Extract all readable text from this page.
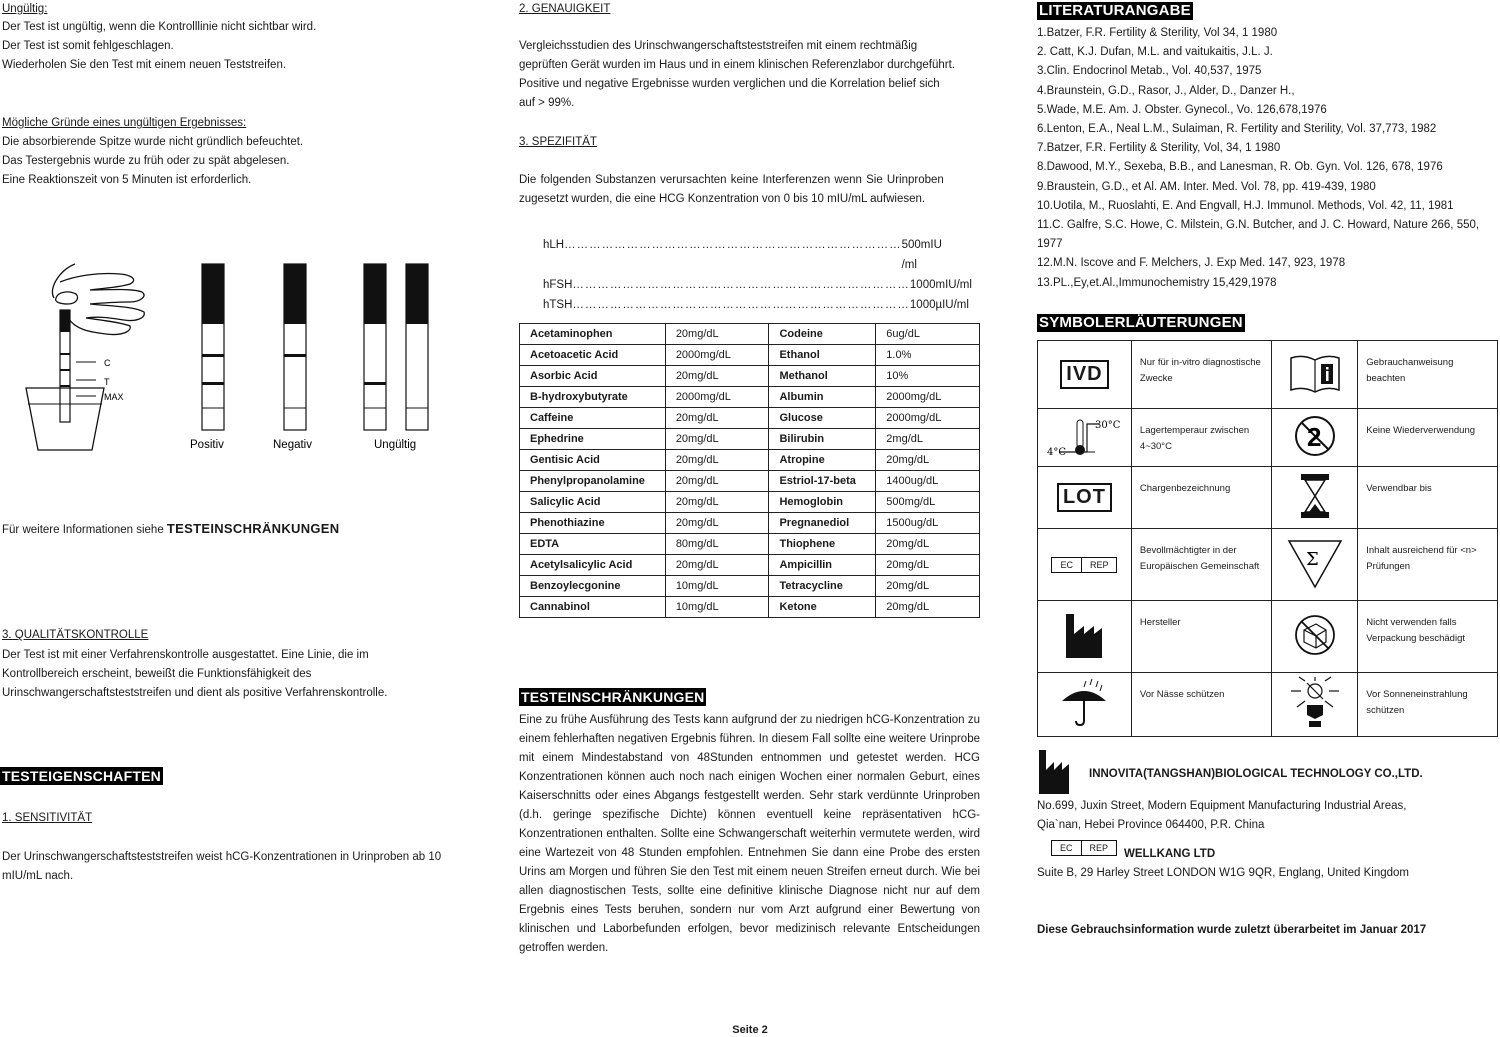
Ungültig:

Der Test ist ungültig, wenn die Kontrolllinie nicht sichtbar wird.

Der Test ist somit fehlgeschlagen.

Wiederholen Sie den Test mit einem neuen Teststreifen.

Mögliche Gründe eines ungültigen Ergebnisses:

Die absorbierende Spitze wurde nicht gründlich befeuchtet.

Das Testergebnis wurde zu früh oder zu spät abgelesen.

Eine Reaktionszeit von 5 Minuten ist erforderlich.

C
T
MAX
Positiv	Negativ	Ungültig

Für weitere Informationen siehe TESTEINSCHRÄNKUNGEN

3. QUALITÄTSKONTROLLE

Der Test ist mit einer Verfahrenskontrolle ausgestattet. Eine Linie, die im

Kontrollbereich erscheint, beweißt die Funktionsfähigkeit des

Urinschwangerschaftsteststreifen und dient als positive Verfahrenskontrolle.

TESTEIGENSCHAFTEN

1. SENSITIVITÄT

Der Urinschwangerschaftsteststreifen weist hCG-Konzentrationen in Urinproben ab 10

mIU/mL nach.

2. GENAUIGKEIT

Vergleichsstudien des Urinschwangerschaftsteststreifen mit einem rechtmäßig

geprüften Gerät wurden im Haus und in einem klinischen Referenzlabor durchgeführt.

Positive und negative Ergebnisse wurden verglichen und die Korrelation belief sich

auf > 99%.

3. SPEZIFITÄT

Die folgenden Substanzen verursachten keine Interferenzen wenn Sie Urinproben

zugesetzt wurden, die eine HCG Konzentration von 0 bis 10 mIU/mL aufwiesen.

hLH ……………………………………………………………………… 500mIU /ml
hFSH ……………………………………………………………………… 1000mIU/ml
hTSH ……………………………………………………………………… 1000µIU/ml
Acetaminophen	20mg/dL	Codeine	6ug/dL
Acetoacetic Acid	2000mg/dL	Ethanol	1.0%
Asorbic Acid	20mg/dL	Methanol	10%
B-hydroxybutyrate	2000mg/dL	Albumin	2000mg/dL
Caffeine	20mg/dL	Glucose	2000mg/dL
Ephedrine	20mg/dL	Bilirubin	2mg/dL
Gentisic Acid	20mg/dL	Atropine	20mg/dL
Phenylpropanolamine	20mg/dL	Estriol-17-beta	1400ug/dL
Salicylic Acid	20mg/dL	Hemoglobin	500mg/dL
Phenothiazine	20mg/dL	Pregnanediol	1500ug/dL
EDTA	80mg/dL	Thiophene	20mg/dL
Acetylsalicylic Acid	20mg/dL	Ampicillin	20mg/dL
Benzoylecgonine	10mg/dL	Tetracycline	20mg/dL
Cannabinol	10mg/dL	Ketone	20mg/dL
TESTEINSCHRÄNKUNGEN

Eine zu frühe Ausführung des Tests kann aufgrund der zu niedrigen hCG-Konzentration zu einem fehlerhaften negativen Ergebnis führen. In diesem Fall sollte eine weitere Urinprobe mit einem Mindestabstand von 48Stunden entnommen und getestet werden. HCG Konzentrationen können auch noch nach einigen Wochen einer normalen Geburt, eines Kaiserschnitts oder eines Abgangs festgestellt werden. Sehr stark verdünnte Urinproben (d.h. geringe spezifische Dichte) können eventuell keine repräsentativen hCG-Konzentrationen enthalten. Sollte eine Schwangerschaft weiterhin vermutete werden, wird eine Wartezeit von 48 Stunden empfohlen. Entnehmen Sie dann eine Probe des ersten Urins am Morgen und führen Sie den Test mit einem neuen Streifen erneut durch. Wie bei allen diagnostischen Tests, sollte eine definitive klinische Diagnose nicht nur auf dem Ergebnis eines Tests beruhen, sondern nur vom Arzt aufgrund einer Bewertung von klinischen und Laborbefunden erfolgen, bevor medizinisch relevante Entscheidungen getroffen werden.

LITERATURANGABE
1.Batzer, F.R. Fertility & Sterility, Vol 34, 1 1980
2. Catt, K.J. Dufan, M.L. and vaitukaitis, J.L. J.
3.Clin. Endocrinol Metab., Vol. 40,537, 1975
4.Braunstein, G.D., Rasor, J., Alder, D., Danzer H.,
5.Wade, M.E. Am. J. Obster. Gynecol., Vo. 126,678,1976
6.Lenton, E.A., Neal L.M., Sulaiman, R. Fertility and Sterility, Vol. 37,773, 1982
7.Batzer, F.R. Fertility & Sterility, Vol, 34, 1 1980
8.Dawood, M.Y., Sexeba, B.B., and Lanesman, R. Ob. Gyn. Vol. 126, 678, 1976
9.Braustein, G.D., et Al. AM. Inter. Med. Vol. 78, pp. 419-439, 1980
10.Uotila, M., Ruoslahti, E. And Engvall, H.J. Immunol. Methods, Vol. 42, 11, 1981
11.C. Galfre, S.C. Howe, C. Milstein, G.N. Butcher, and J. C. Howard, Nature 266, 550,
1977
12.M.N. Iscove and F. Melchers, J. Exp Med. 147, 923, 1978
13.PL.,Ey,et.Al.,Immunochemistry 15,429,1978
SYMBOLERLÄUTERUNGEN
IVD	Nur für in-vitro diagnostische Zwecke		Gebrauchanweisung beachten

4°C
30°C	Lagertemperaur zwischen 4~30°C	2	Keine Wiederverwendung
LOT	Chargenbezeichnung		Verwendbar bis

EC REP	Bevollmächtigter in der Europäischen Gemeinschaft	Σ	Inhalt ausreichend für <n> Prüfungen
	Hersteller		Nicht verwenden falls Verpackung beschädigt
	Vor Nässe schützen		Vor Sonneneinstrahlung schützen

INNOVITA(TANGSHAN)BIOLOGICAL TECHNOLOGY CO.,LTD.

No.699, Juxin Street, Modern Equipment Manufacturing Industrial Areas,

Qia`nan, Hebei Province 064400, P.R. China

EC	REP	WELLKANG LTD

Suite B, 29 Harley Street LONDON W1G 9QR, Englang, United Kingdom

Diese Gebrauchsinformation wurde zuletzt überarbeitet im Januar 2017

Seite 2
